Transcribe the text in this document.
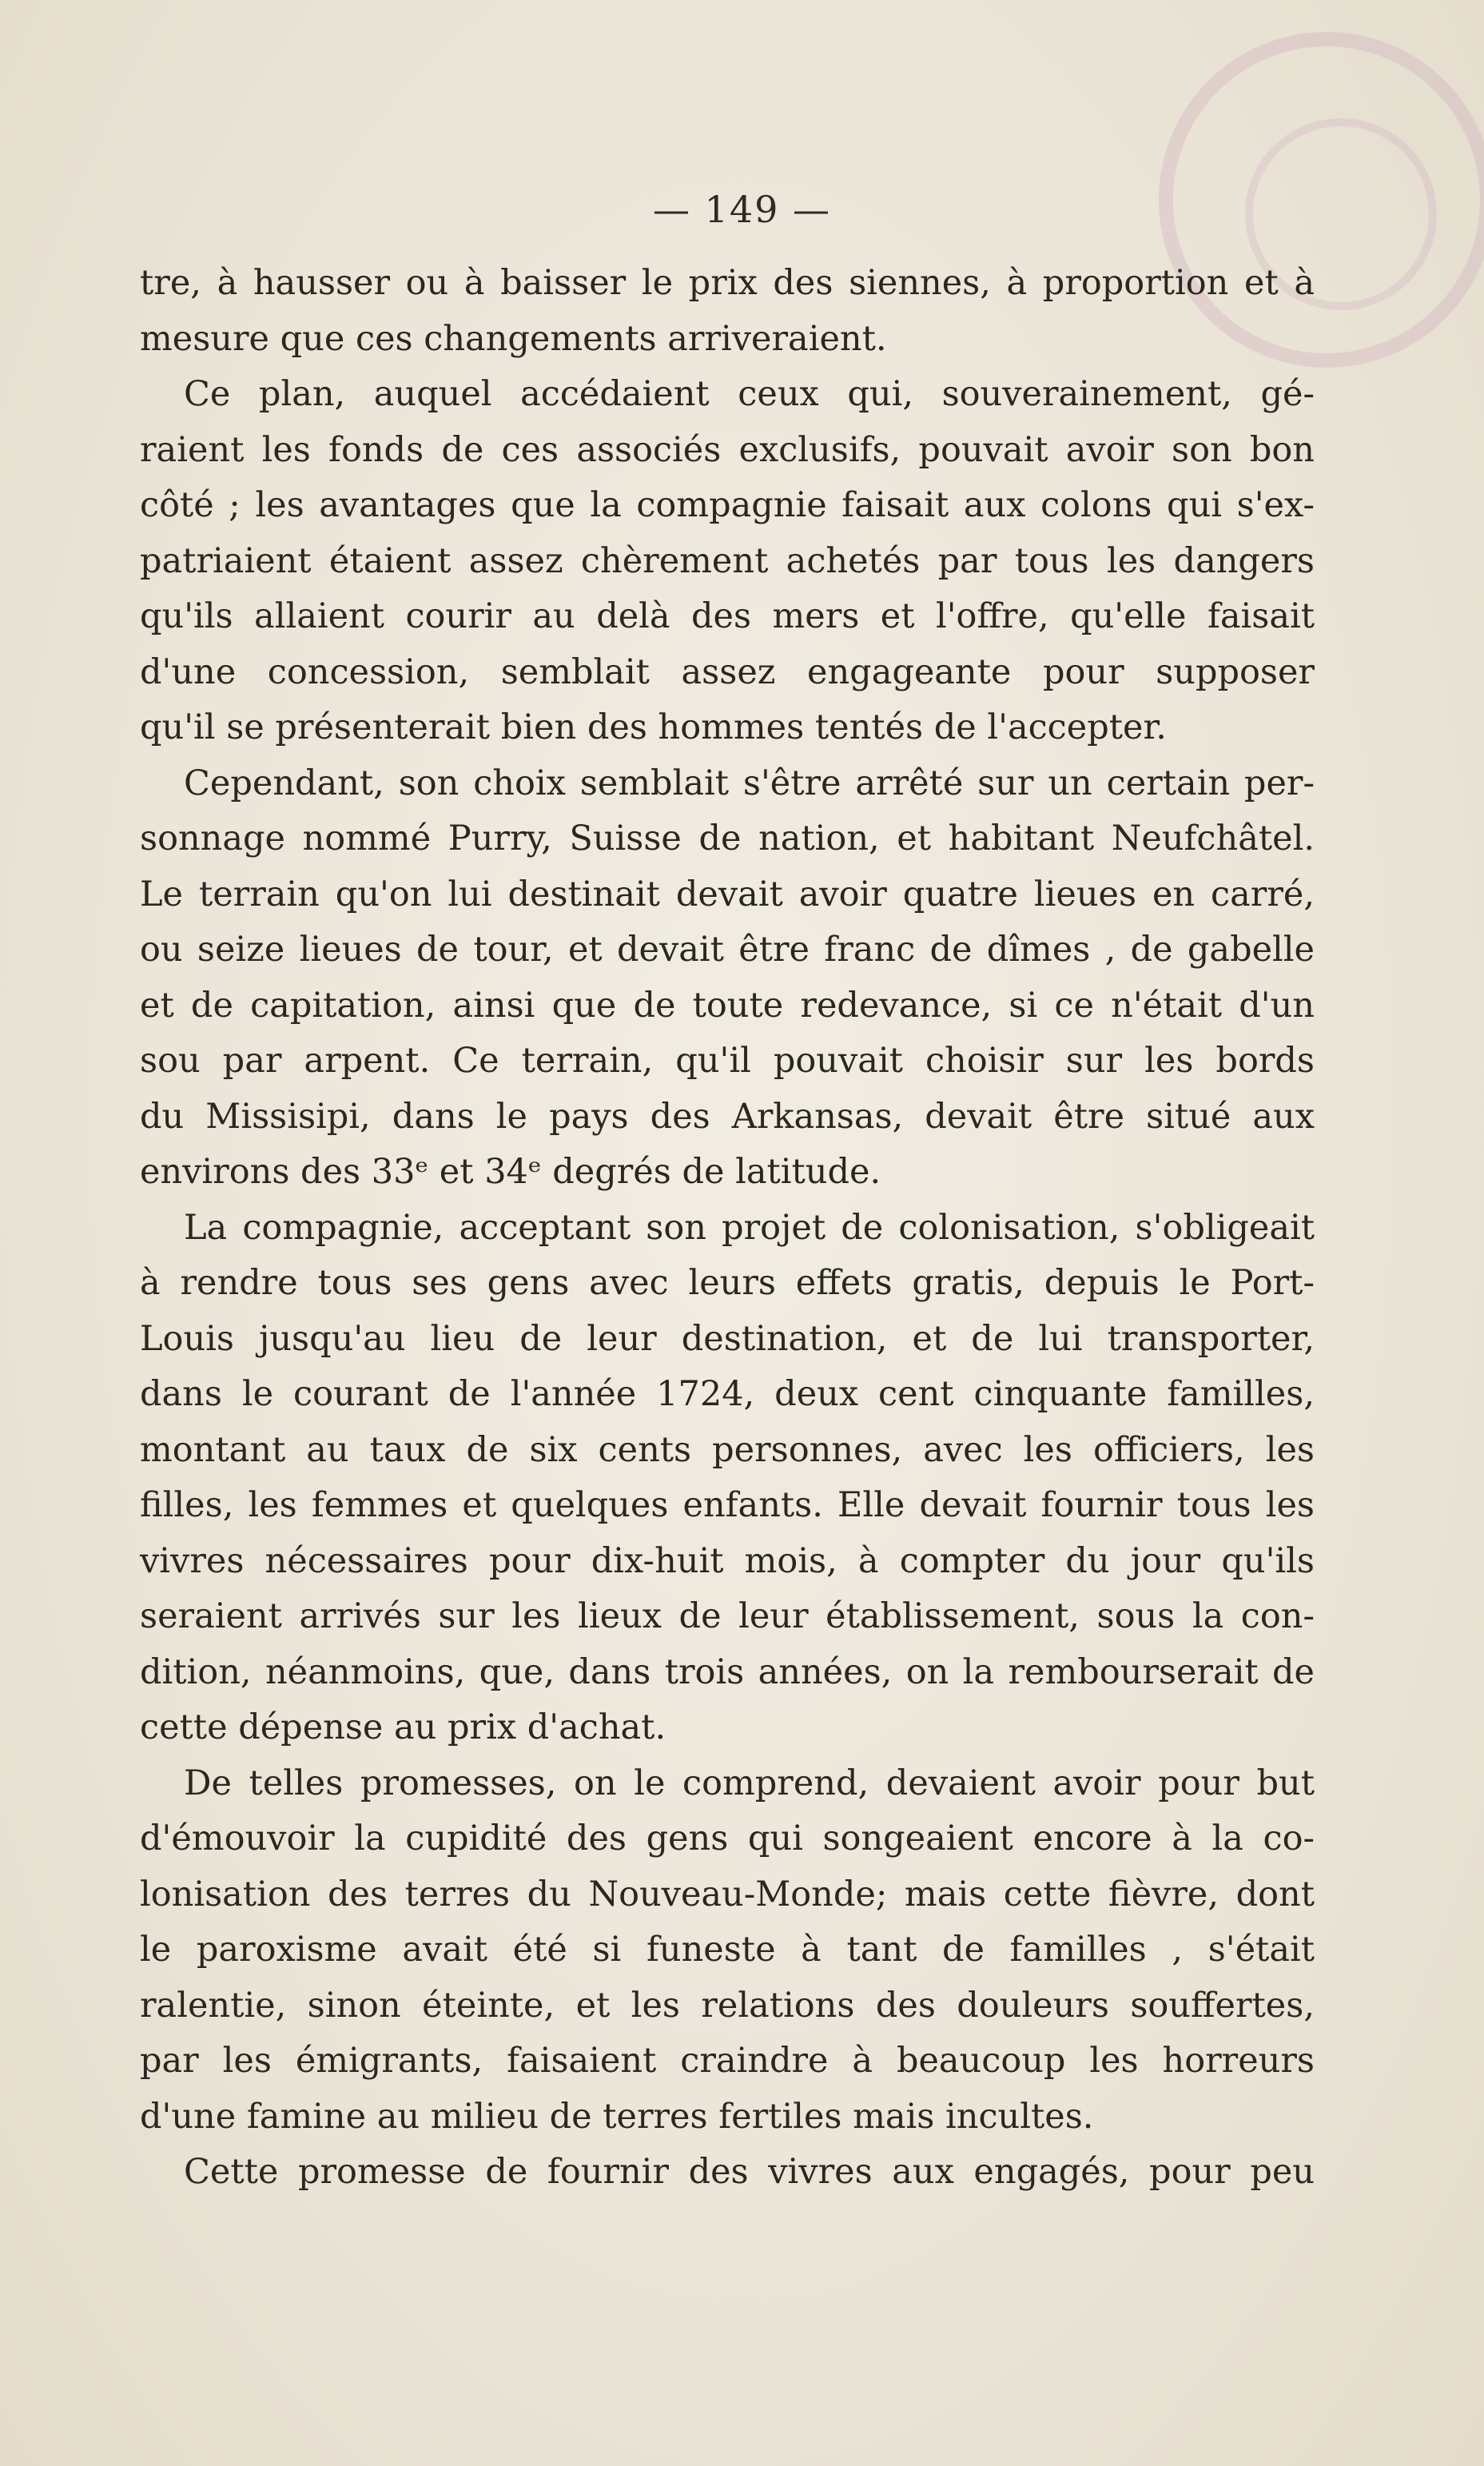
— 149 —
tre, à hausser ou à baisser le prix des siennes, à proportion et à
mesure que ces changements arriveraient.
Ce plan, auquel accédaient ceux qui, souverainement, gé-
raient les fonds de ces associés exclusifs, pouvait avoir son bon
côté ; les avantages que la compagnie faisait aux colons qui s'ex-
patriaient étaient assez chèrement achetés par tous les dangers
qu'ils allaient courir au delà des mers et l'offre, qu'elle faisait
d'une concession, semblait assez engageante pour supposer
qu'il se présenterait bien des hommes tentés de l'accepter.
Cependant, son choix semblait s'être arrêté sur un certain per-
sonnage nommé Purry, Suisse de nation, et habitant Neufchâtel.
Le terrain qu'on lui destinait devait avoir quatre lieues en carré,
ou seize lieues de tour, et devait être franc de dîmes , de gabelle
et de capitation, ainsi que de toute redevance, si ce n'était d'un
sou par arpent. Ce terrain, qu'il pouvait choisir sur les bords
du Missisipi, dans le pays des Arkansas, devait être situé aux
environs des 33ᵉ et 34ᵉ degrés de latitude.
La compagnie, acceptant son projet de colonisation, s'obligeait
à rendre tous ses gens avec leurs effets gratis, depuis le Port-
Louis jusqu'au lieu de leur destination, et de lui transporter,
dans le courant de l'année 1724, deux cent cinquante familles,
montant au taux de six cents personnes, avec les officiers, les
filles, les femmes et quelques enfants. Elle devait fournir tous les
vivres nécessaires pour dix-huit mois, à compter du jour qu'ils
seraient arrivés sur les lieux de leur établissement, sous la con-
dition, néanmoins, que, dans trois années, on la rembourserait de
cette dépense au prix d'achat.
De telles promesses, on le comprend, devaient avoir pour but
d'émouvoir la cupidité des gens qui songeaient encore à la co-
lonisation des terres du Nouveau-Monde; mais cette fièvre, dont
le paroxisme avait été si funeste à tant de familles , s'était
ralentie, sinon éteinte, et les relations des douleurs souffertes,
par les émigrants, faisaient craindre à beaucoup les horreurs
d'une famine au milieu de terres fertiles mais incultes.
Cette promesse de fournir des vivres aux engagés, pour peu
